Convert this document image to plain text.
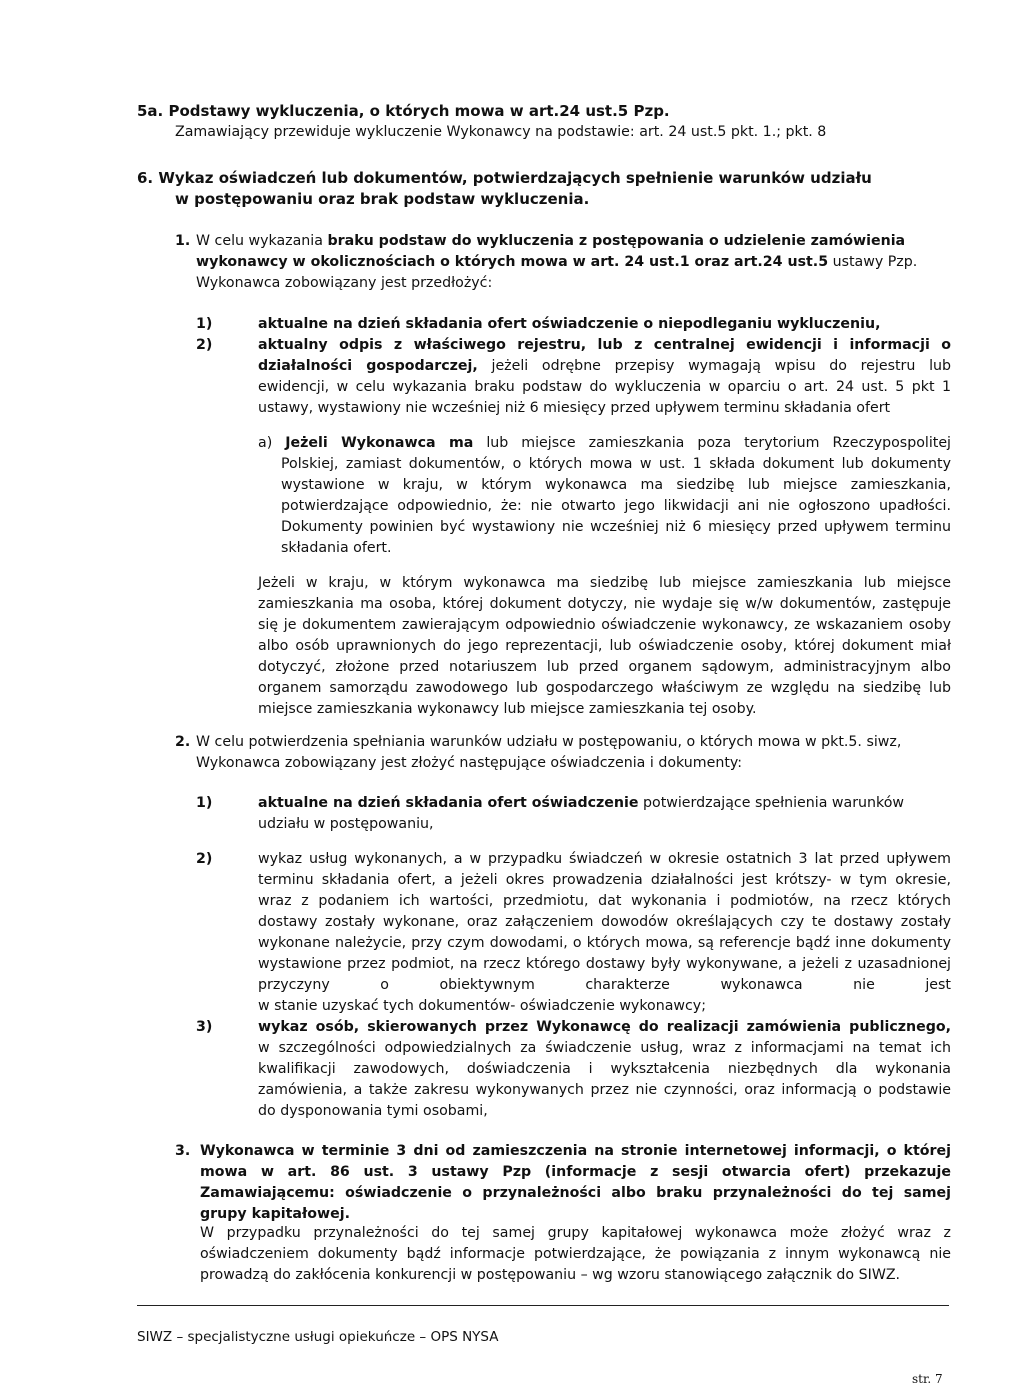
5a. Podstawy wykluczenia, o których mowa w art.24 ust.5 Pzp.
Zamawiający przewiduje wykluczenie Wykonawcy na podstawie: art. 24 ust.5 pkt. 1.; pkt. 8
6. Wykaz oświadczeń lub dokumentów, potwierdzających spełnienie warunków udziału
w postępowaniu oraz brak podstaw wykluczenia.
1. W celu wykazania braku podstaw do wykluczenia z postępowania o udzielenie zamówienia
wykonawcy w okolicznościach o których mowa w art. 24 ust.1 oraz art.24 ust.5 ustawy Pzp.
Wykonawca zobowiązany jest przedłożyć:
1)	aktualne na dzień składania ofert oświadczenie o niepodleganiu wykluczeniu,
2)	aktualny odpis z właściwego rejestru, lub z centralnej ewidencji i informacji o
działalności gospodarczej, jeżeli odrębne przepisy wymagają wpisu do rejestru lub
ewidencji, w celu wykazania braku podstaw do wykluczenia w oparciu o art. 24 ust. 5 pkt 1
ustawy, wystawiony nie wcześniej niż 6 miesięcy przed upływem terminu składania ofert
a) Jeżeli Wykonawca ma lub miejsce zamieszkania poza terytorium Rzeczypospolitej
Polskiej, zamiast dokumentów, o których mowa w ust. 1 składa dokument lub dokumenty
wystawione w kraju, w którym wykonawca ma siedzibę lub miejsce zamieszkania,
potwierdzające odpowiednio, że: nie otwarto jego likwidacji ani nie ogłoszono upadłości.
Dokumenty powinien być wystawiony nie wcześniej niż 6 miesięcy przed upływem terminu
składania ofert.
Jeżeli w kraju, w którym wykonawca ma siedzibę lub miejsce zamieszkania lub miejsce
zamieszkania ma osoba, której dokument dotyczy, nie wydaje się w/w dokumentów, zastępuje
się je dokumentem zawierającym odpowiednio oświadczenie wykonawcy, ze wskazaniem osoby
albo osób uprawnionych do jego reprezentacji, lub oświadczenie osoby, której dokument miał
dotyczyć, złożone przed notariuszem lub przed organem sądowym, administracyjnym albo
organem samorządu zawodowego lub gospodarczego właściwym ze względu na siedzibę lub
miejsce zamieszkania wykonawcy lub miejsce zamieszkania tej osoby.
2. W celu potwierdzenia spełniania warunków udziału w postępowaniu, o których mowa w pkt.5. siwz,
Wykonawca zobowiązany jest złożyć następujące oświadczenia i dokumenty:
1)	aktualne na dzień składania ofert oświadczenie potwierdzające spełnienia warunków
udziału w postępowaniu,
2)	wykaz usług wykonanych, a w przypadku świadczeń w okresie ostatnich 3 lat przed upływem
terminu składania ofert, a jeżeli okres prowadzenia działalności jest krótszy- w tym okresie,
wraz z podaniem ich wartości, przedmiotu, dat wykonania i podmiotów, na rzecz których
dostawy zostały wykonane, oraz załączeniem dowodów określających czy te dostawy zostały
wykonane należycie, przy czym dowodami, o których mowa, są referencje bądź inne dokumenty
wystawione przez podmiot, na rzecz którego dostawy były wykonywane, a jeżeli z uzasadnionej
przyczyny o obiektywnym charakterze wykonawca nie jest
w stanie uzyskać tych dokumentów- oświadczenie wykonawcy;
3)	wykaz osób, skierowanych przez Wykonawcę do realizacji zamówienia publicznego,
w szczególności odpowiedzialnych za świadczenie usług, wraz z informacjami na temat ich
kwalifikacji zawodowych, doświadczenia i wykształcenia niezbędnych dla wykonania
zamówienia, a także zakresu wykonywanych przez nie czynności, oraz informacją o podstawie
do dysponowania tymi osobami,
3. Wykonawca w terminie 3 dni od zamieszczenia na stronie internetowej informacji, o której
mowa w art. 86 ust. 3 ustawy Pzp (informacje z sesji otwarcia ofert) przekazuje
Zamawiającemu: oświadczenie o przynależności albo braku przynależności do tej samej
grupy kapitałowej.
W przypadku przynależności do tej samej grupy kapitałowej wykonawca może złożyć wraz z
oświadczeniem dokumenty bądź informacje potwierdzające, że powiązania z innym wykonawcą nie
prowadzą do zakłócenia konkurencji w postępowaniu – wg wzoru stanowiącego załącznik do SIWZ.
SIWZ – specjalistyczne usługi opiekuńcze – OPS NYSA
str. 7
